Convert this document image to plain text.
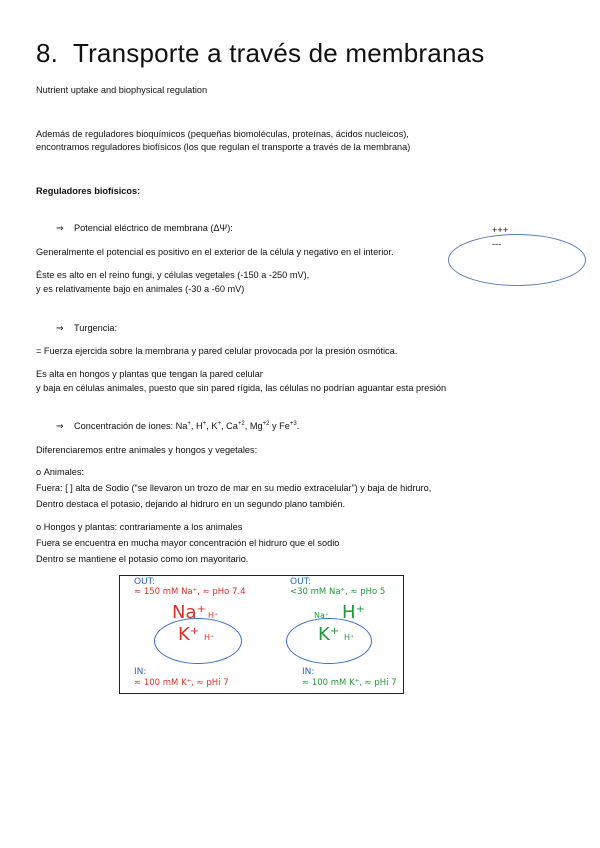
8. Transporte a través de membranas
Nutrient uptake and biophysical regulation
Además de reguladores bioquímicos (pequeñas biomoléculas, proteínas, ácidos nucleicos),
encontramos reguladores biofísicos (los que regulan el transporte a través de la membrana)
Reguladores biofísicos:
⇒ Potencial eléctrico de membrana (ΔΨ):
Generalmente el potencial es positivo en el exterior de la célula y negativo en el interior.
Éste es alto en el reino fungi, y células vegetales (-150 a -250 mV),
y es relativamente bajo en animales (-30 a -60 mV)
+++
---
⇒ Turgencia:
= Fuerza ejercida sobre la membrana y pared celular provocada por la presión osmótica.
Es alta en hongos y plantas que tengan la pared celular
y baja en células animales, puesto que sin pared rígida, las células no podrían aguantar esta presión
⇒ Concentración de iones: Na+, H+, K+, $Ca^{+2}$, $Mg^{+2}$ y $Fe^{+3}$.
Diferenciaremos entre animales y hongos y vegetales:
o Animales:
Fuera: [ ] alta de Sodio (“se llevaron un trozo de mar en su medio extracelular”) y baja de hidruro,
Dentro destaca el potasio, dejando al hidruro en un segundo plano también.
o Hongos y plantas: contrariamente a los animales
Fuera se encuentra en mucha mayor concentración el hidruro que el sodio
Dentro se mantiene el potasio como ion mayoritario.
OUT:
≈ 150 mM Na⁺, ≈ pHo 7.4
Na⁺ H⁺
K⁺ H⁺
IN:
≈ 100 mM K⁺, ≈ pHi 7
OUT:
<30 mM Na⁺, ≈ pHo 5
Na⁺ H⁺
K⁺ H⁺
IN:
≈ 100 mM K⁺, ≈ pHi 7
